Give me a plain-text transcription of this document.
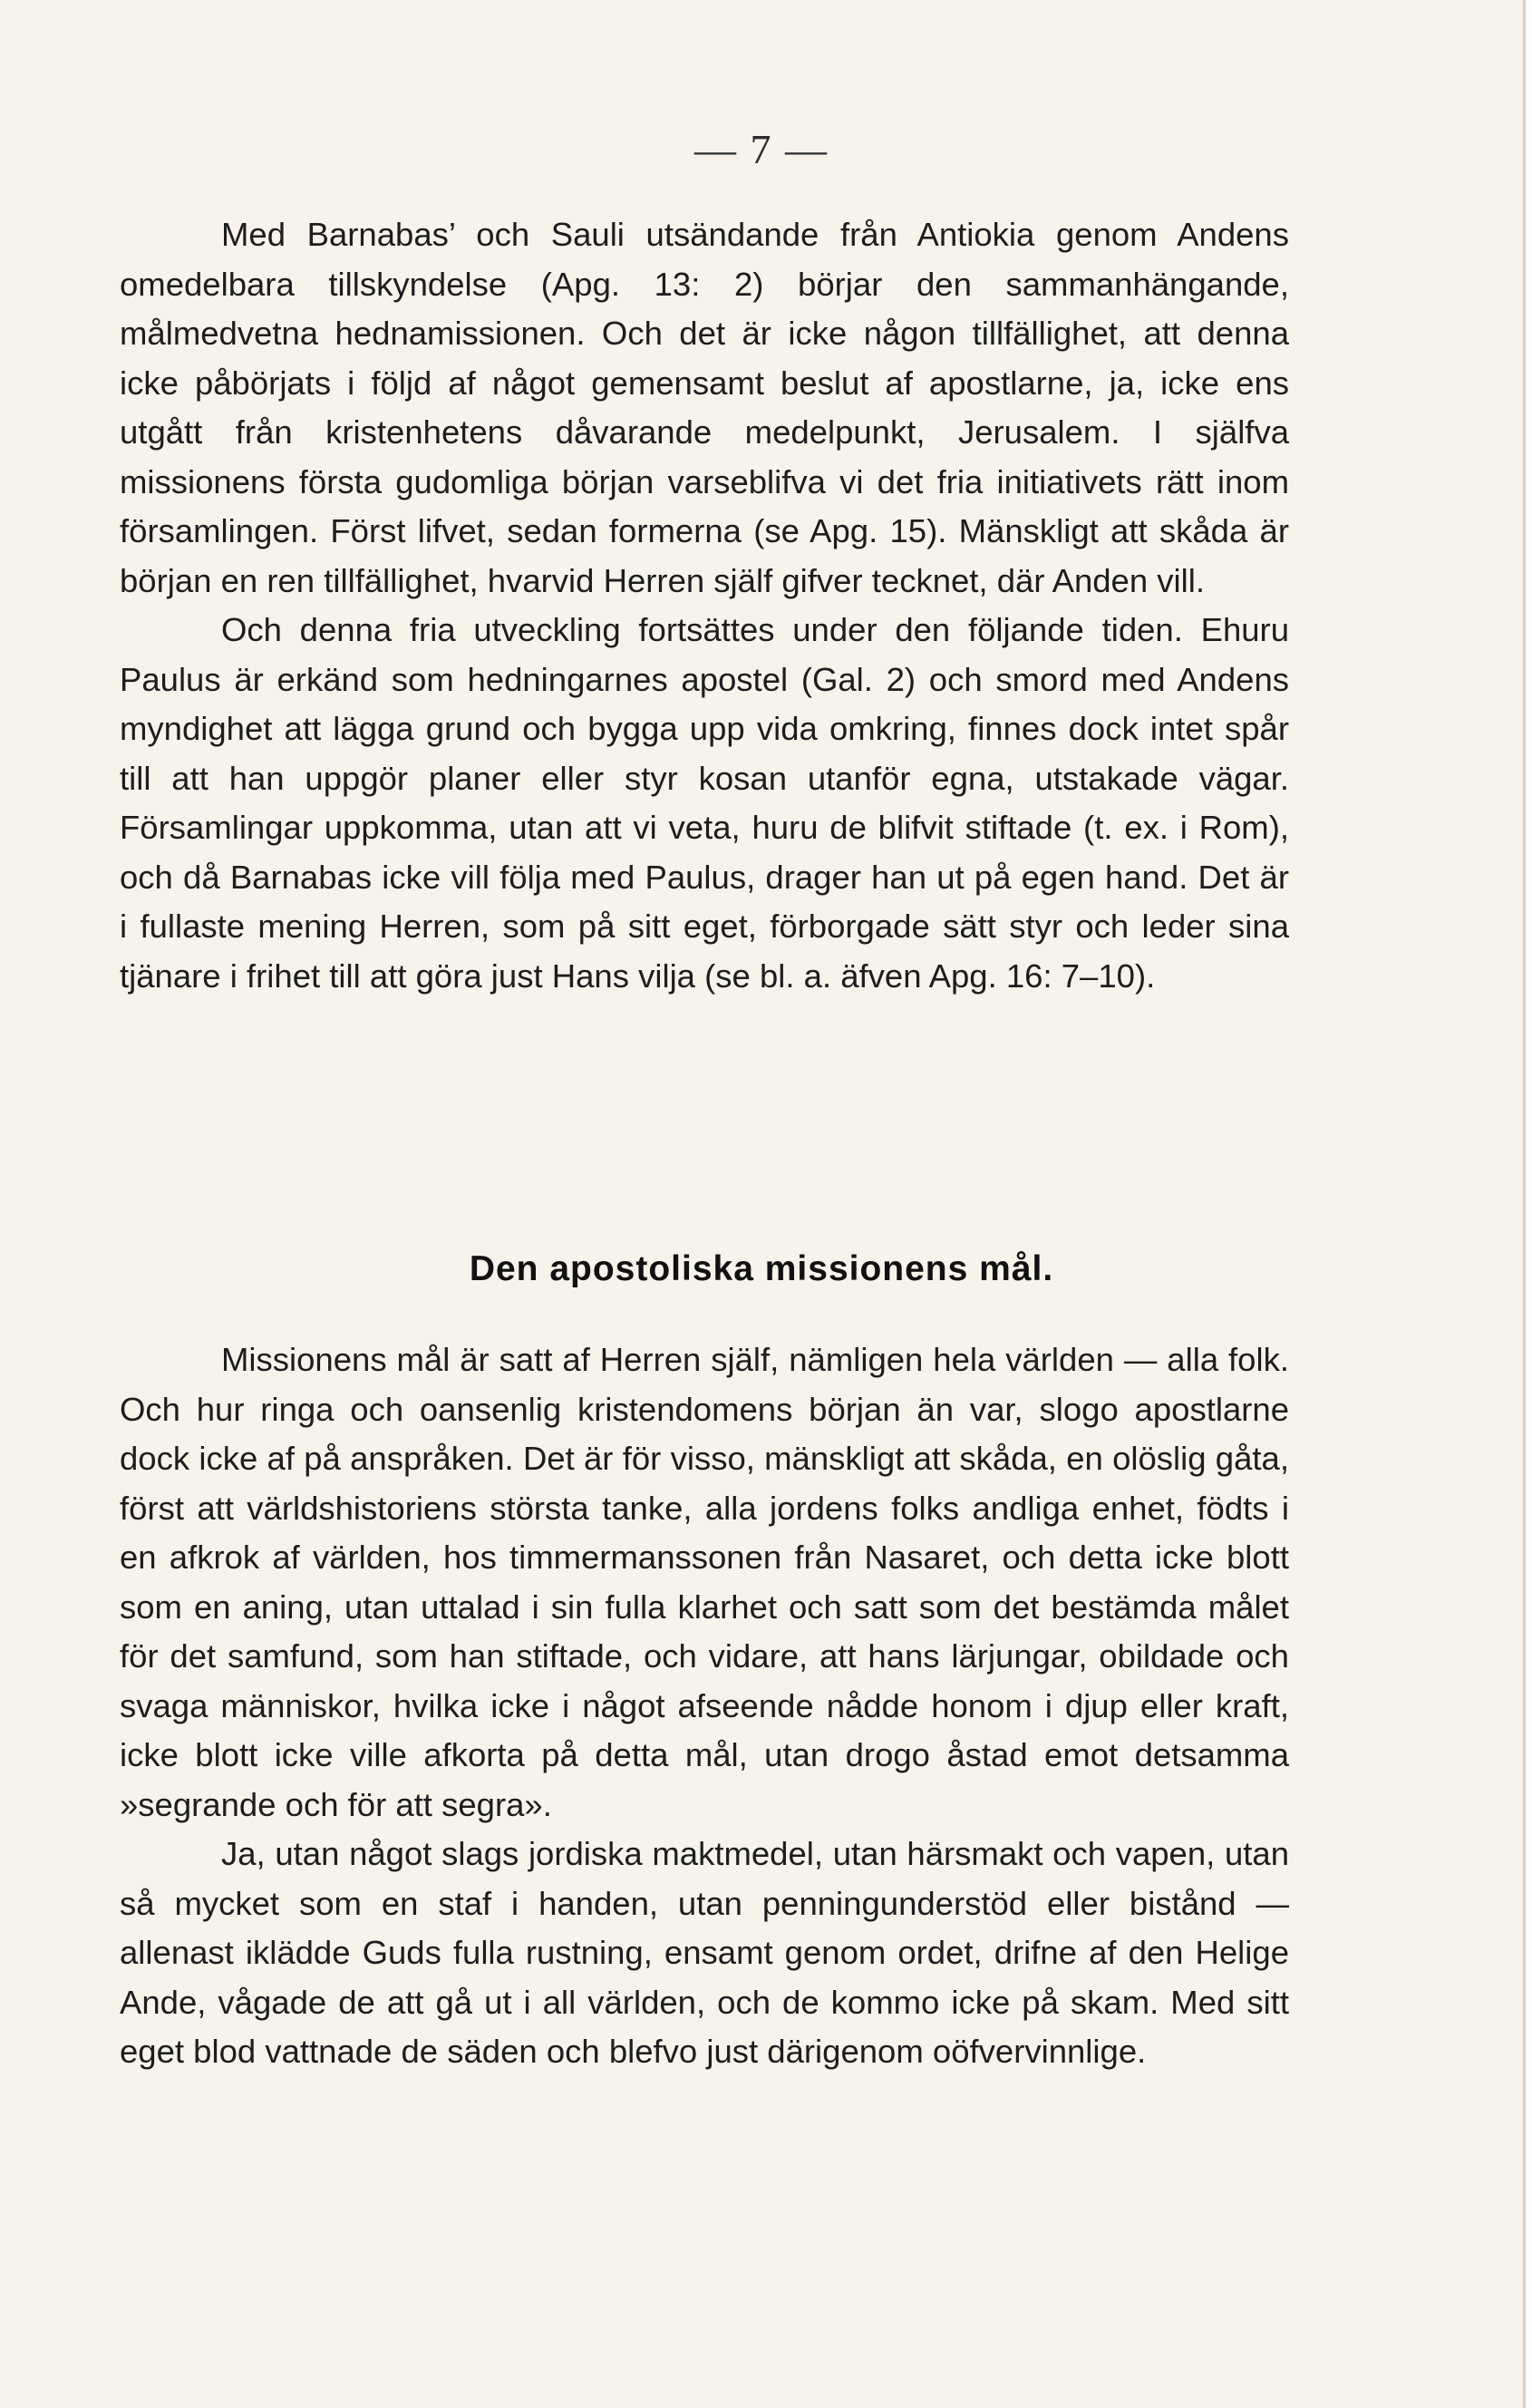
— 7 —

Med Barnabas’ och Sauli utsändande från Antiokia genom Andens omedelbara tillskyndelse (Apg. 13: 2) börjar den sammanhängande, målmedvetna hednamissionen. Och det är icke någon tillfällighet, att denna icke påbörjats i följd af något gemensamt beslut af apostlarne, ja, icke ens utgått från kristenhetens dåvarande medelpunkt, Jerusalem. I själfva missionens första gudomliga början varseblifva vi det fria initiativets rätt inom församlingen. Först lifvet, sedan formerna (se Apg. 15). Mänskligt att skåda är början en ren tillfällighet, hvarvid Herren själf gifver tecknet, där Anden vill.

Och denna fria utveckling fortsättes under den följande tiden. Ehuru Paulus är erkänd som hedningarnes apostel (Gal. 2) och smord med Andens myndighet att lägga grund och bygga upp vida omkring, finnes dock intet spår till att han uppgör planer eller styr kosan utanför egna, utstakade vägar. Församlingar uppkomma, utan att vi veta, huru de blifvit stiftade (t. ex. i Rom), och då Barnabas icke vill följa med Paulus, drager han ut på egen hand. Det är i fullaste mening Herren, som på sitt eget, förborgade sätt styr och leder sina tjänare i frihet till att göra just Hans vilja (se bl. a. äfven Apg. 16: 7–10).

Den apostoliska missionens mål.

Missionens mål är satt af Herren själf, nämligen hela världen — alla folk. Och hur ringa och oansenlig kristendomens början än var, slogo apostlarne dock icke af på anspråken. Det är för visso, mänskligt att skåda, en olöslig gåta, först att världshistoriens största tanke, alla jordens folks andliga enhet, födts i en afkrok af världen, hos timmermanssonen från Nasaret, och detta icke blott som en aning, utan uttalad i sin fulla klarhet och satt som det bestämda målet för det samfund, som han stiftade, och vidare, att hans lärjungar, obildade och svaga människor, hvilka icke i något afseende nådde honom i djup eller kraft, icke blott icke ville afkorta på detta mål, utan drogo åstad emot detsamma »segrande och för att segra».

Ja, utan något slags jordiska maktmedel, utan härsmakt och vapen, utan så mycket som en staf i handen, utan penningunderstöd eller bistånd — allenast iklädde Guds fulla rustning, ensamt genom ordet, drifne af den Helige Ande, vågade de att gå ut i all världen, och de kommo icke på skam. Med sitt eget blod vattnade de säden och blefvo just därigenom oöfvervinnlige.
